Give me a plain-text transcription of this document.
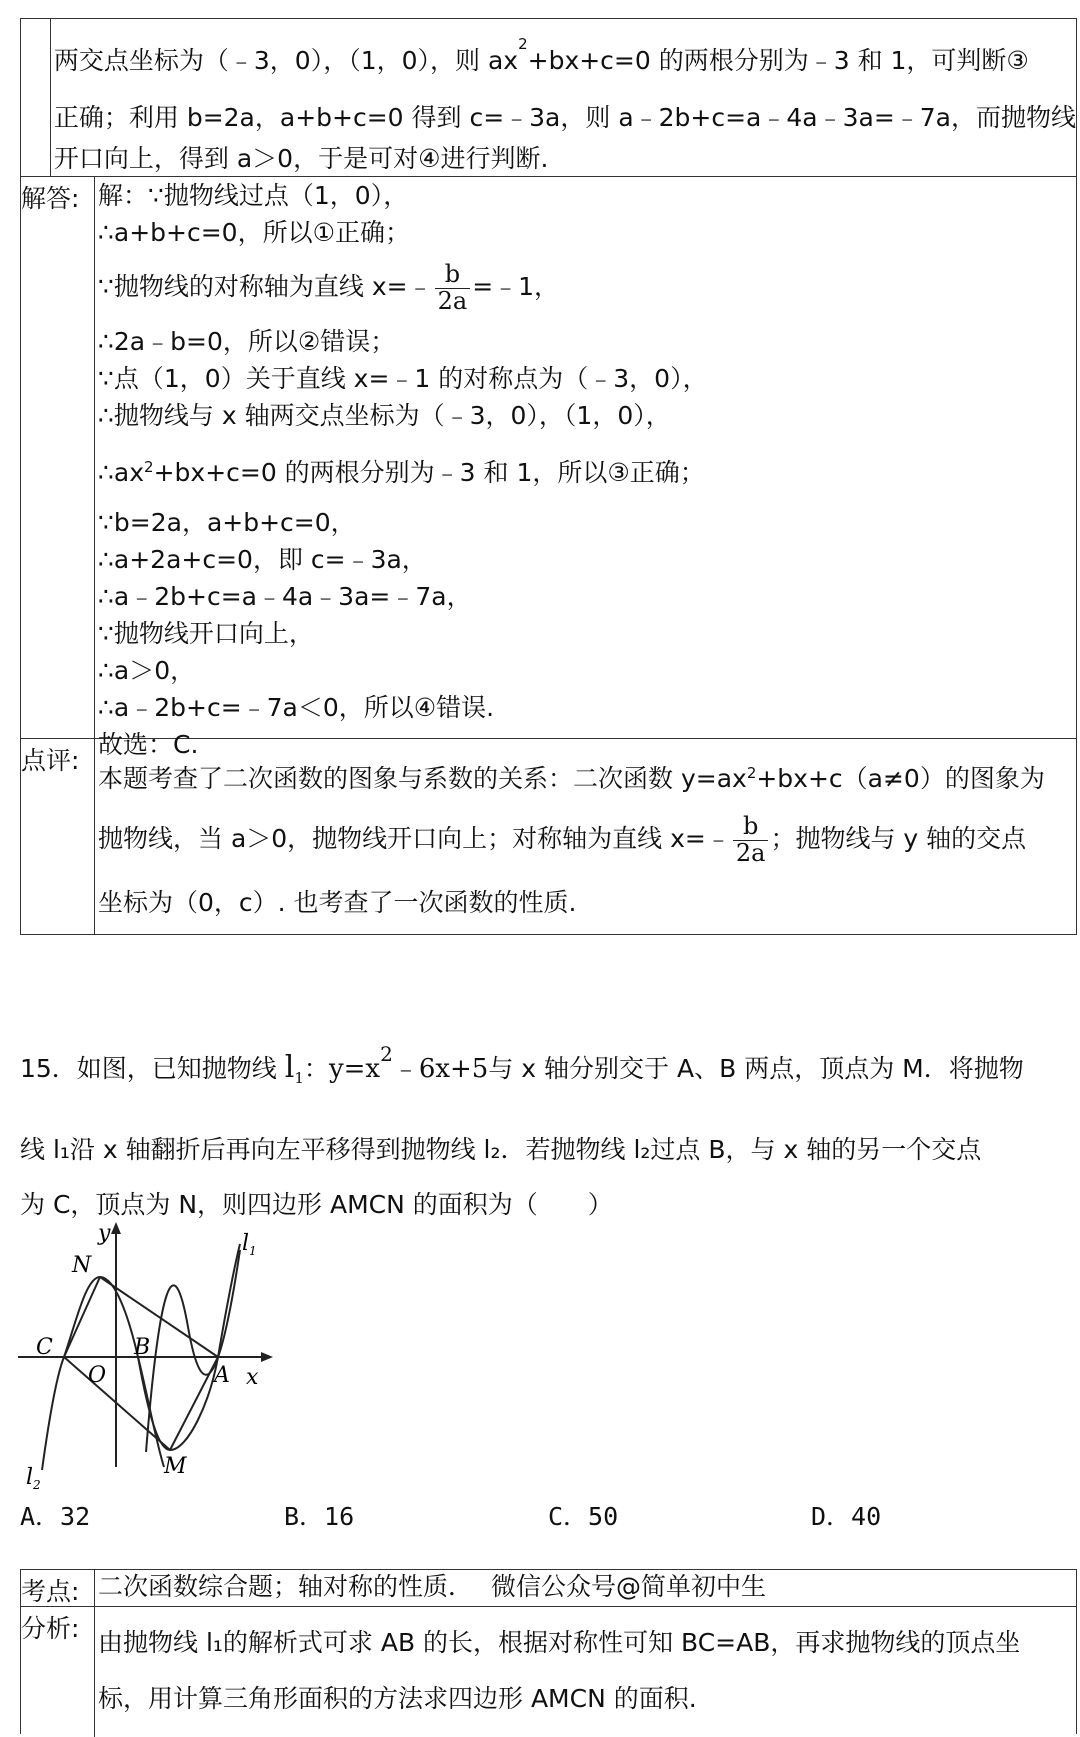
两交点坐标为（﹣3，0），（1，0），则 $ax^2+bx+c=0$ 的两根分别为﹣3 和 1，可判断③
正确；利用 b=2a，a+b+c=0 得到 c=﹣3a，则 a﹣2b+c=a﹣4a﹣3a=﹣7a，而抛物线
开口向上，得到 a＞0，于是可对④进行判断.
解答: 解：∵抛物线过点（1，0），
∴a+b+c=0，所以①正确；
∵抛物线的对称轴为直线 x=﹣ $\frac{b}{2a}$ =﹣1，
∴2a﹣b=0，所以②错误；
∵点（1，0）关于直线 x=﹣1 的对称点为（﹣3，0），
∴抛物线与 x 轴两交点坐标为（﹣3，0），（1，0），
$\therefore ax^2+bx+c=0$ 的两根分别为﹣3 和 1，所以③正确；
∵b=2a，a+b+c=0，
∴a+2a+c=0，即 c=﹣3a，
∴a﹣2b+c=a﹣4a﹣3a=﹣7a，
∵抛物线开口向上，
∴a＞0，
∴a﹣2b+c=﹣7a＜0，所以④错误.
故选：C.
点评:
本题考查了二次函数的图象与系数的关系：二次函数 $y=ax^2+bx+c(a\ne 0)$的图象为
抛物线，当 a＞0，抛物线开口向上；对称轴为直线 x=﹣ $\frac{b}{2a}$ ；抛物线与 y 轴的交点
坐标为（0，c）. 也考查了一次函数的性质.
15．如图，已知抛物线 $l_1$：$y=x^2﹣6x+5$与 x 轴分别交于 A、B 两点，顶点为 M．将抛物
线 l₁沿 x 轴翻折后再向左平移得到抛物线 l₂．若抛物线 l₂过点 B，与 x 轴的另一个交点
为 C，顶点为 N，则四边形 AMCN 的面积为（　　）
y
x
N
C	B
O	A
M
$l_1$
$l_2$
A．32	B．16	C．50	D．40
考点: 二次函数综合题；轴对称的性质． 微信公众号@简单初中生
分析: 由抛物线 l₁的解析式可求 AB 的长，根据对称性可知 BC=AB，再求抛物线的顶点坐
标，用计算三角形面积的方法求四边形 AMCN 的面积.
